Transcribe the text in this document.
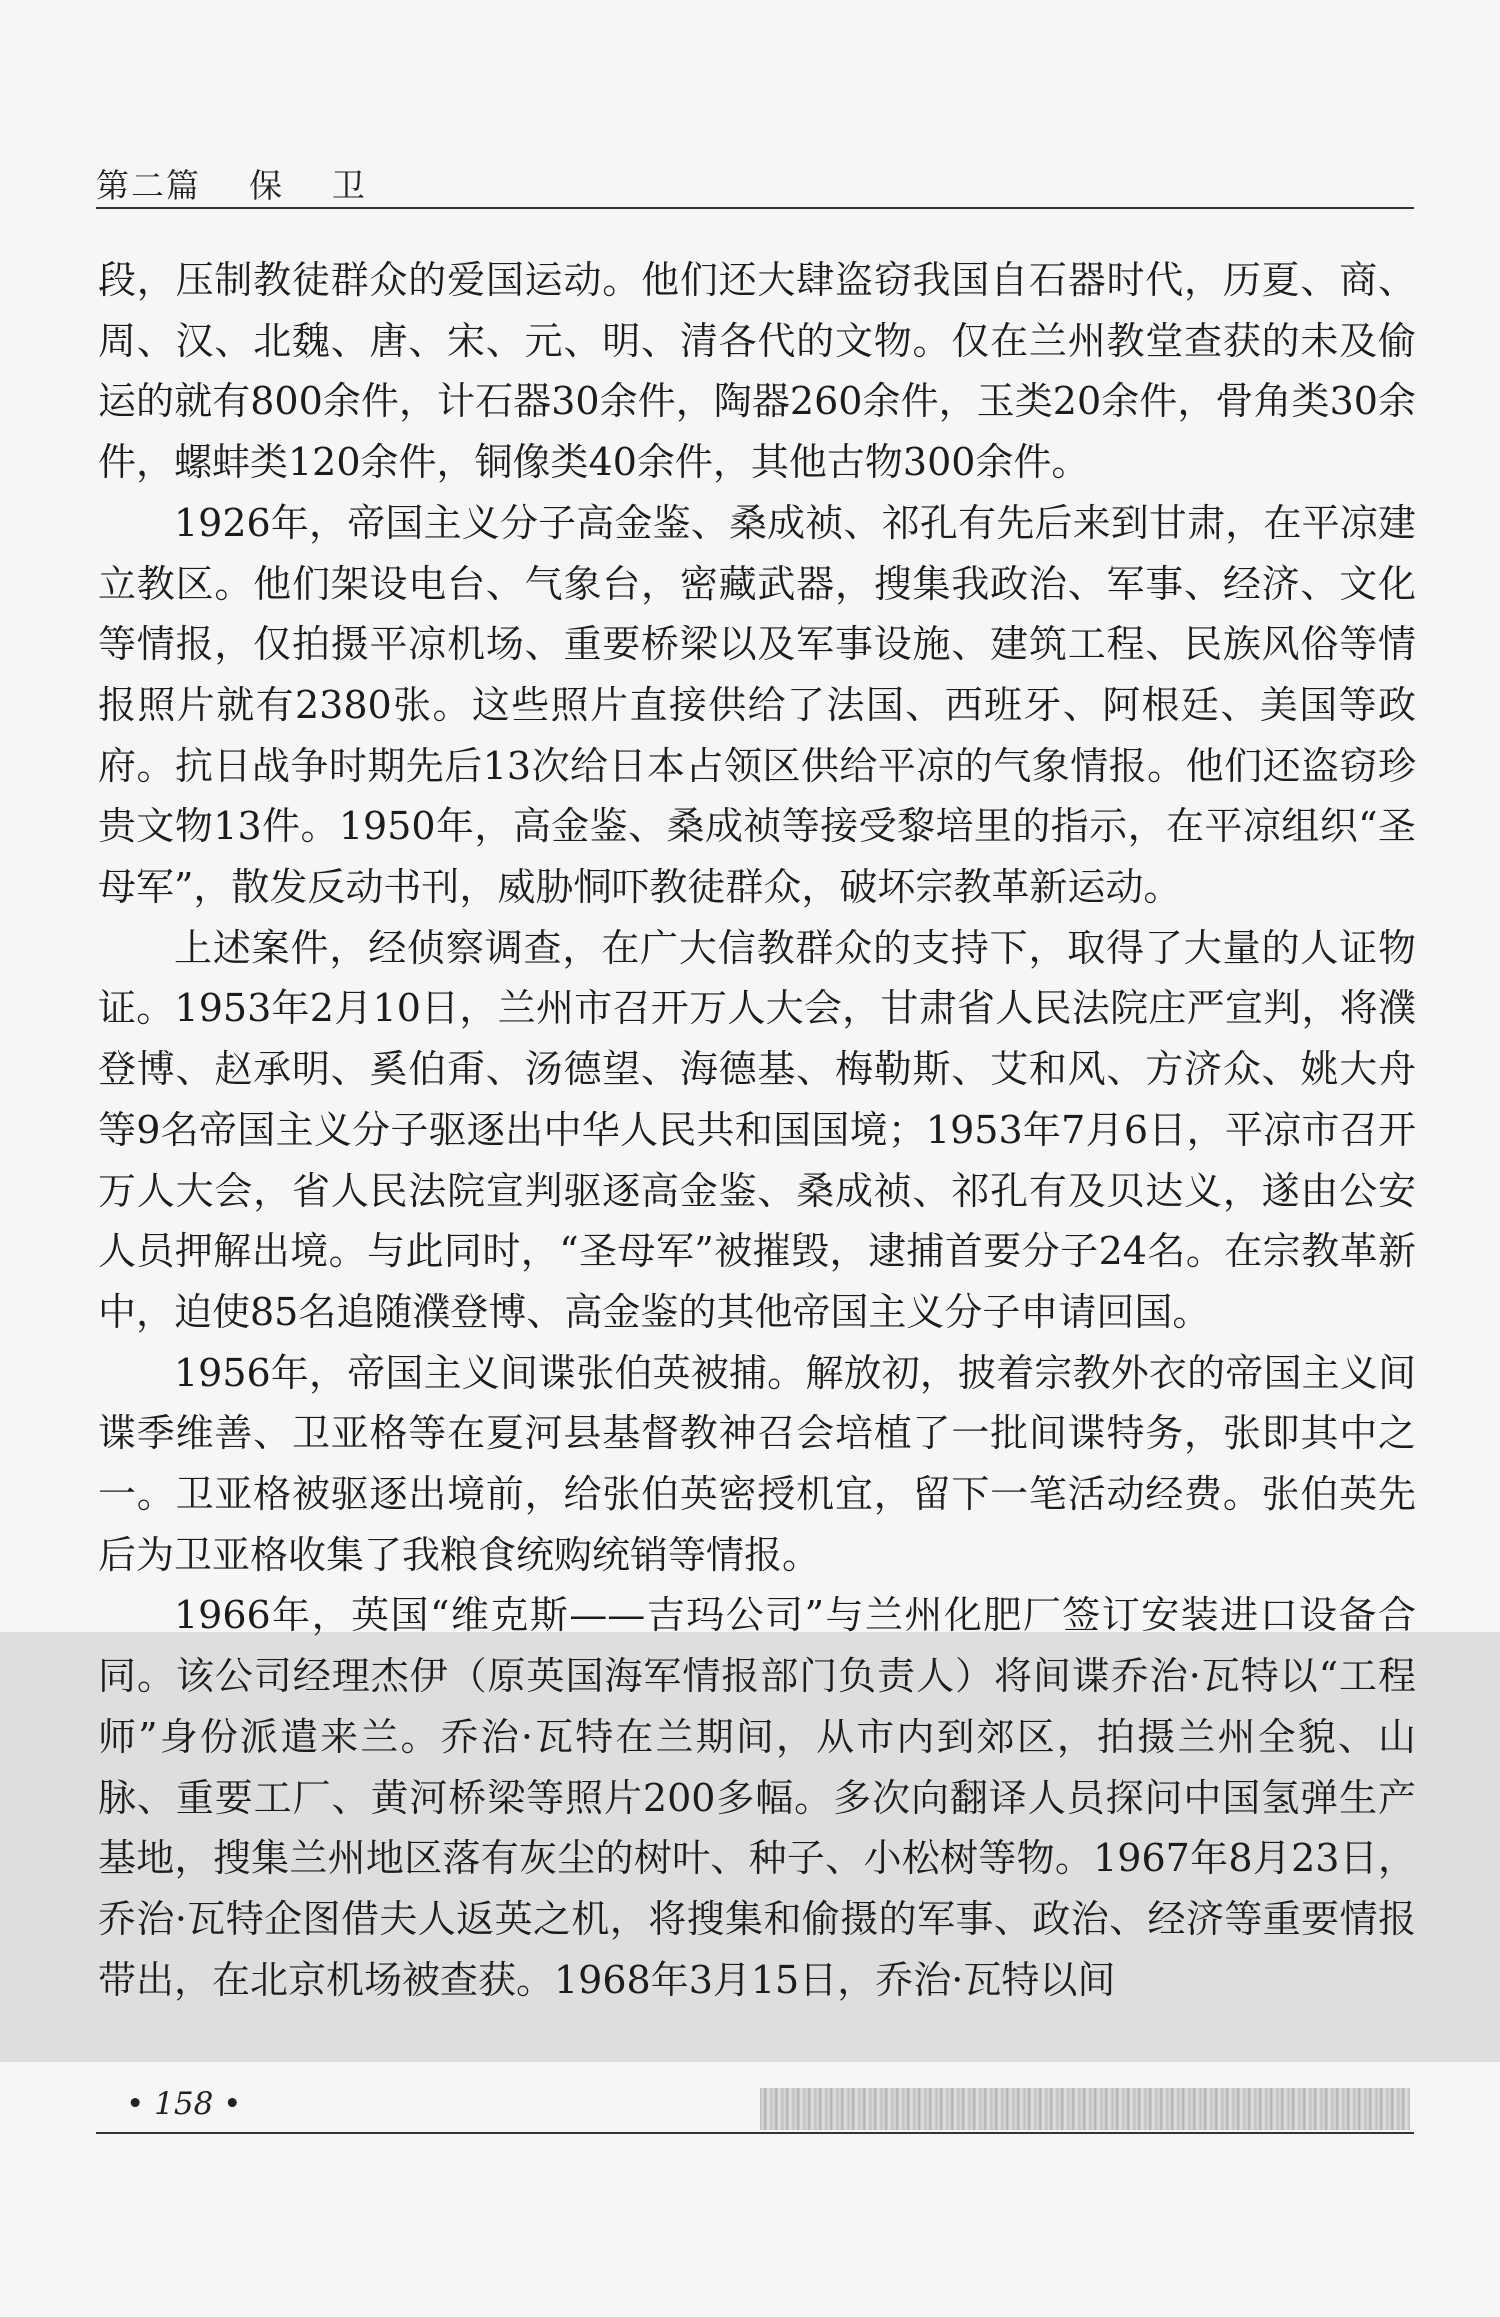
第二篇 保 卫

段，压制教徒群众的爱国运动。他们还大肆盗窃我国自石器时代，历夏、商、周、汉、北魏、唐、宋、元、明、清各代的文物。仅在兰州教堂查获的未及偷运的就有800余件，计石器30余件，陶器260余件，玉类20余件，骨角类30余件，螺蚌类120余件，铜像类40余件，其他古物300余件。

1926年，帝国主义分子高金鉴、桑成祯、祁孔有先后来到甘肃，在平凉建立教区。他们架设电台、气象台，密藏武器，搜集我政治、军事、经济、文化等情报，仅拍摄平凉机场、重要桥梁以及军事设施、建筑工程、民族风俗等情报照片就有2380张。这些照片直接供给了法国、西班牙、阿根廷、美国等政府。抗日战争时期先后13次给日本占领区供给平凉的气象情报。他们还盗窃珍贵文物13件。1950年，高金鉴、桑成祯等接受黎培里的指示，在平凉组织“圣母军”，散发反动书刊，威胁恫吓教徒群众，破坏宗教革新运动。

上述案件，经侦察调查，在广大信教群众的支持下，取得了大量的人证物证。1953年2月10日，兰州市召开万人大会，甘肃省人民法院庄严宣判，将濮登博、赵承明、奚伯甭、汤德望、海德基、梅勒斯、艾和风、方济众、姚大舟等9名帝国主义分子驱逐出中华人民共和国国境；1953年7月6日，平凉市召开万人大会，省人民法院宣判驱逐高金鉴、桑成祯、祁孔有及贝达义，遂由公安人员押解出境。与此同时，“圣母军”被摧毁，逮捕首要分子24名。在宗教革新中，迫使85名追随濮登博、高金鉴的其他帝国主义分子申请回国。

1956年，帝国主义间谍张伯英被捕。解放初，披着宗教外衣的帝国主义间谍季维善、卫亚格等在夏河县基督教神召会培植了一批间谍特务，张即其中之一。卫亚格被驱逐出境前，给张伯英密授机宜，留下一笔活动经费。张伯英先后为卫亚格收集了我粮食统购统销等情报。

1966年，英国“维克斯——吉玛公司”与兰州化肥厂签订安装进口设备合同。该公司经理杰伊（原英国海军情报部门负责人）将间谍乔治·瓦特以“工程师”身份派遣来兰。乔治·瓦特在兰期间，从市内到郊区，拍摄兰州全貌、山脉、重要工厂、黄河桥梁等照片200多幅。多次向翻译人员探问中国氢弹生产基地，搜集兰州地区落有灰尘的树叶、种子、小松树等物。1967年8月23日，乔治·瓦特企图借夫人返英之机，将搜集和偷摄的军事、政治、经济等重要情报带出，在北京机场被查获。1968年3月15日，乔治·瓦特以间

• 158 •
